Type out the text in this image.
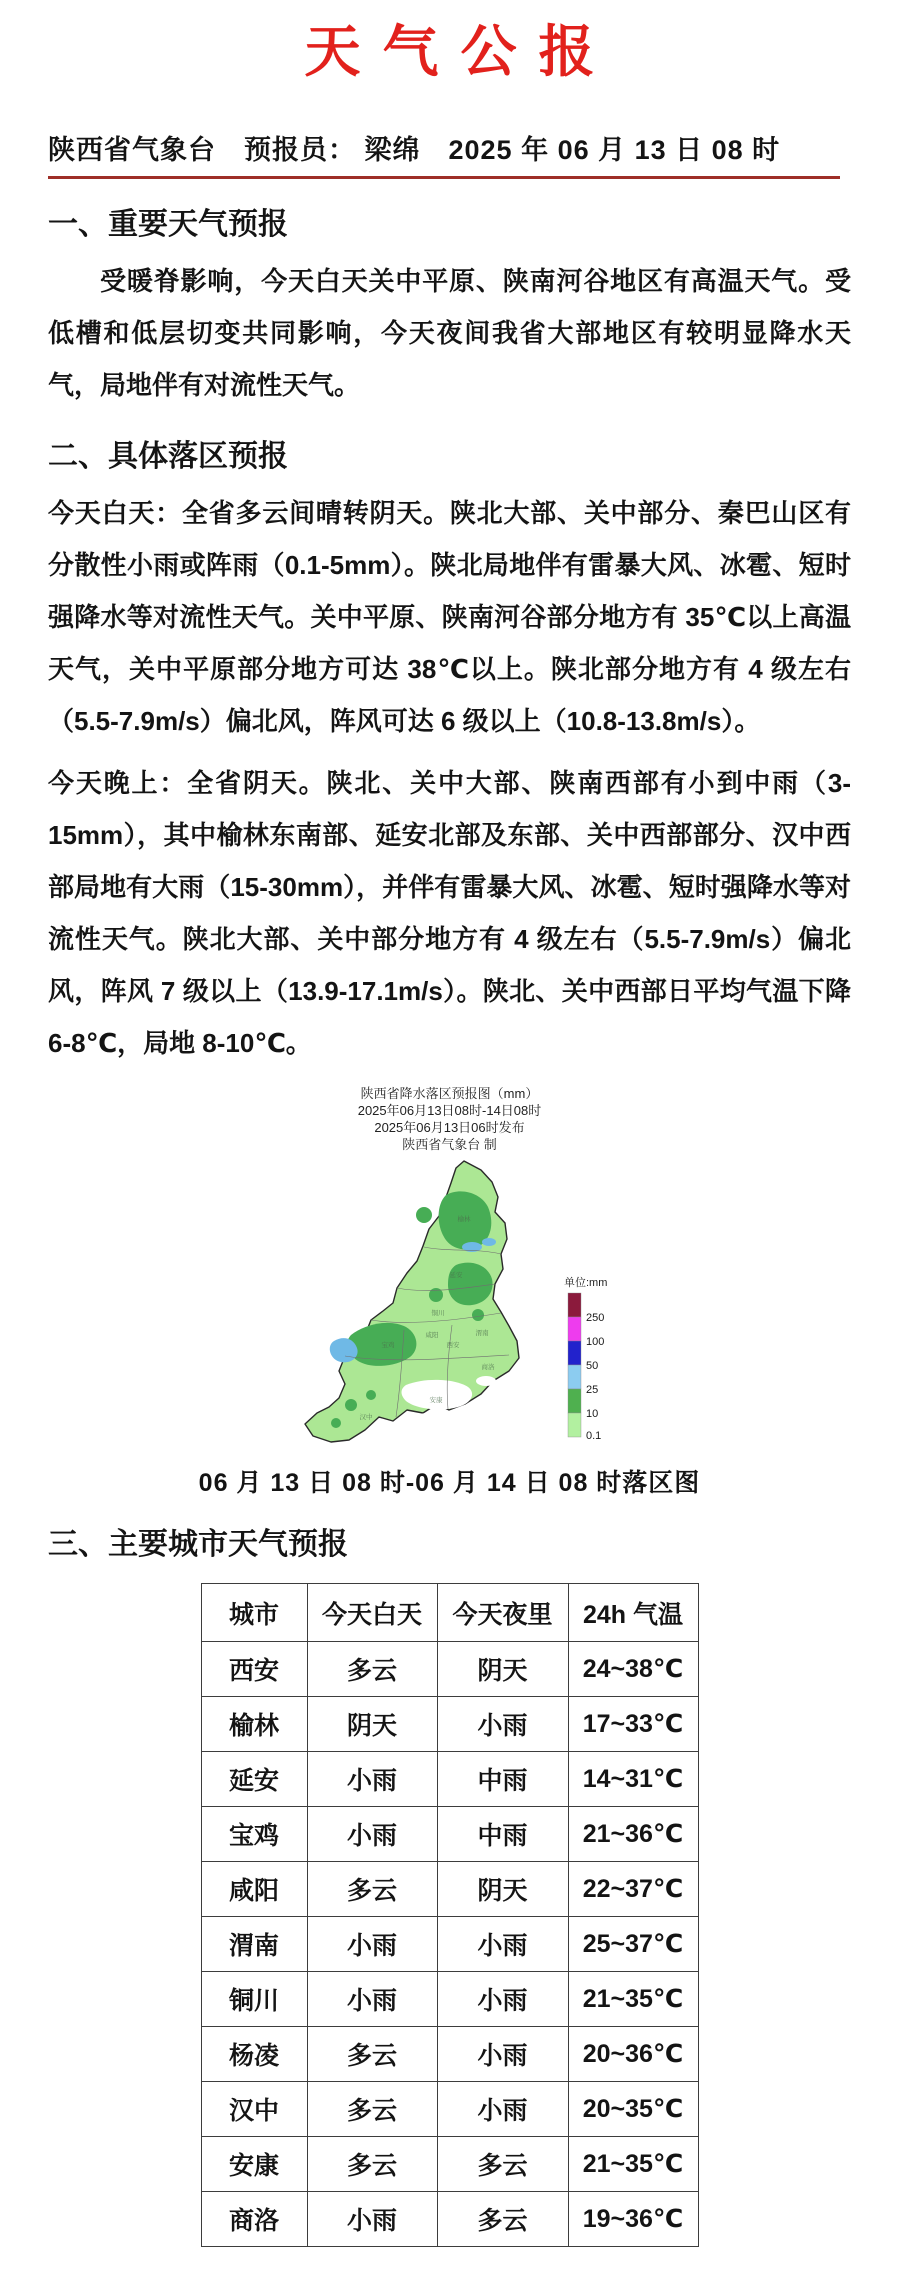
天气公报
陕西省气象台　预报员： 梁绵　2025 年 06 月 13 日 08 时
一、重要天气预报

受暖脊影响，今天白天关中平原、陕南河谷地区有高温天气。受低槽和低层切变共同影响，今天夜间我省大部地区有较明显降水天气，局地伴有对流性天气。

二、具体落区预报

今天白天：全省多云间晴转阴天。陕北大部、关中部分、秦巴山区有分散性小雨或阵雨（0.1-5mm）。陕北局地伴有雷暴大风、冰雹、短时强降水等对流性天气。关中平原、陕南河谷部分地方有 35℃以上高温天气，关中平原部分地方可达 38℃以上。陕北部分地方有 4 级左右（5.5-7.9m/s）偏北风，阵风可达 6 级以上（10.8-13.8m/s）。

今天晚上：全省阴天。陕北、关中大部、陕南西部有小到中雨（3-15mm），其中榆林东南部、延安北部及东部、关中西部部分、汉中西部局地有大雨（15-30mm），并伴有雷暴大风、冰雹、短时强降水等对流性天气。陕北大部、关中部分地方有 4 级左右（5.5-7.9m/s）偏北风，阵风 7 级以上（13.9-17.1m/s）。陕北、关中西部日平均气温下降 6-8℃，局地 8-10℃。

陕西省降水落区预报图（mm）
2025年06月13日08时-14日08时
2025年06月13日06时发布
陕西省气象台 制
榆林
延安
铜川
渭南
咸阳
西安
宝鸡
汉中
安康
商洛
单位:mm
250
100
50
25
10
0.1
06 月 13 日 08 时-06 月 14 日 08 时落区图
三、主要城市天气预报
城市	今天白天	今天夜里	24h 气温
西安	多云	阴天	24~38℃
榆林	阴天	小雨	17~33℃
延安	小雨	中雨	14~31℃
宝鸡	小雨	中雨	21~36℃
咸阳	多云	阴天	22~37℃
渭南	小雨	小雨	25~37℃
铜川	小雨	小雨	21~35℃
杨凌	多云	小雨	20~36℃
汉中	多云	小雨	20~35℃
安康	多云	多云	21~35℃
商洛	小雨	多云	19~36℃
